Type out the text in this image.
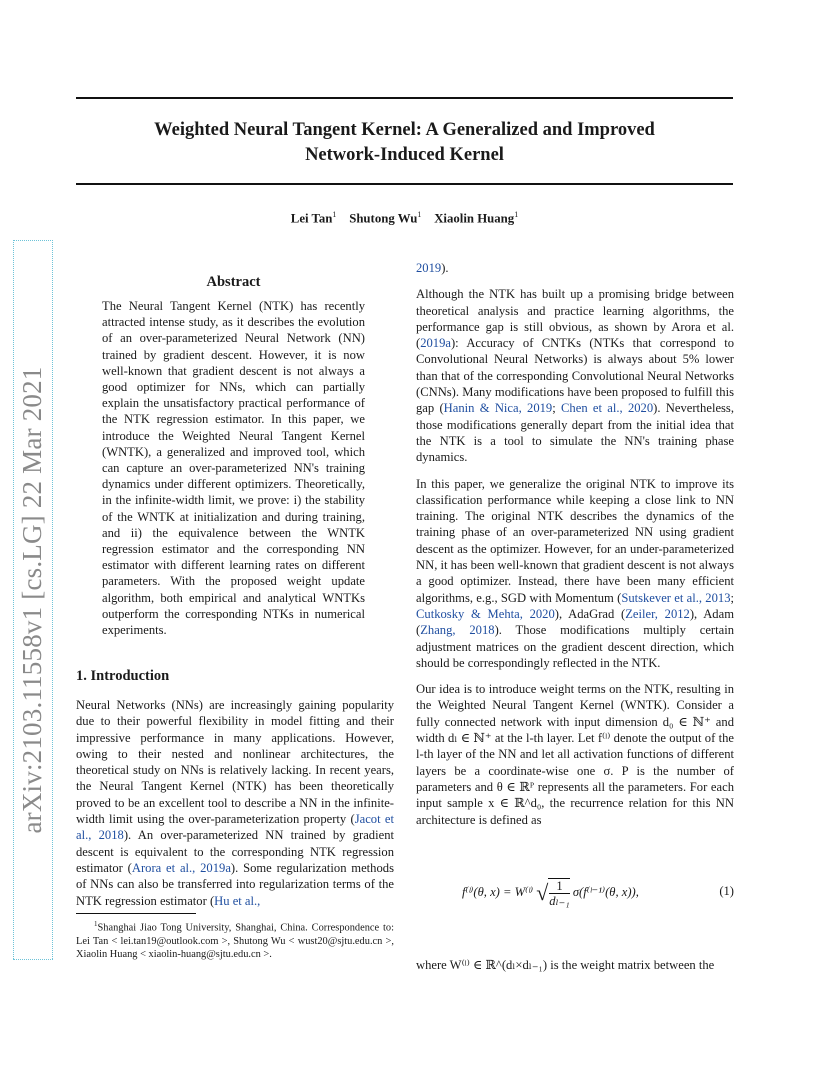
Weighted Neural Tangent Kernel: A Generalized and Improved
Network-Induced Kernel
Lei Tan$^1$ Shutong Wu$^1$ Xiaolin Huang$^1$
arXiv:2103.11558v1 [cs.LG] 22 Mar 2021
Abstract
The Neural Tangent Kernel (NTK) has recently attracted intense study, as it describes the evolution of an over-parameterized Neural Network (NN) trained by gradient descent. However, it is now well-known that gradient descent is not always a good optimizer for NNs, which can partially explain the unsatisfactory practical performance of the NTK regression estimator. In this paper, we introduce the Weighted Neural Tangent Kernel (WNTK), a generalized and improved tool, which can capture an over-parameterized NN's training dynamics under different optimizers. Theoretically, in the infinite-width limit, we prove: i) the stability of the WNTK at initialization and during training, and ii) the equivalence between the WNTK regression estimator and the corresponding NN estimator with different learning rates on different parameters. With the proposed weight update algorithm, both empirical and analytical WNTKs outperform the corresponding NTKs in numerical experiments.
1. Introduction

Neural Networks (NNs) are increasingly gaining popularity due to their powerful flexibility in model fitting and their impressive performance in many applications. However, owing to their nested and nonlinear architectures, the theoretical study on NNs is relatively lacking. In recent years, the Neural Tangent Kernel (NTK) has been theoretically proved to be an excellent tool to describe a NN in the infinite-width limit using the over-parameterization property (Jacot et al., 2018). An over-parameterized NN trained by gradient descent is equivalent to the corresponding NTK regression estimator (Arora et al., 2019a). Some regularization methods of NNs can also be transferred into regularization terms of the NTK regression estimator (Hu et al.,

$^1$Shanghai Jiao Tong University, Shanghai, China. Correspondence to: Lei Tan < lei.tan19@outlook.com >, Shutong Wu < wust20@sjtu.edu.cn >, Xiaolin Huang < xiaolin-huang@sjtu.edu.cn >.

2019).

Although the NTK has built up a promising bridge between theoretical analysis and practice learning algorithms, the performance gap is still obvious, as shown by Arora et al. (2019a): Accuracy of CNTKs (NTKs that correspond to Convolutional Neural Networks) is always about 5% lower than that of the corresponding Convolutional Neural Networks (CNNs). Many modifications have been proposed to fulfill this gap (Hanin & Nica, 2019; Chen et al., 2020). Nevertheless, those modifications generally depart from the initial idea that the NTK is a tool to simulate the NN's training phase dynamics.

In this paper, we generalize the original NTK to improve its classification performance while keeping a close link to NN training. The original NTK describes the dynamics of the training phase of an over-parameterized NN using gradient descent as the optimizer. However, for an under-parameterized NN, it has been well-known that gradient descent is not always a good optimizer. Instead, there have been many efficient algorithms, e.g., SGD with Momentum (Sutskever et al., 2013; Cutkosky & Mehta, 2020), AdaGrad (Zeiler, 2012), Adam (Zhang, 2018). Those modifications multiply certain adjustment matrices on the gradient descent direction, which should be correspondingly reflected in the NTK.

Our idea is to introduce weight terms on the NTK, resulting in the Weighted Neural Tangent Kernel (WNTK). Consider a fully connected network with input dimension d₀ ∈ ℕ⁺ and width dₗ ∈ ℕ⁺ at the l-th layer. Let f⁽ˡ⁾ denote the output of the l-th layer of the NN and let all activation functions of different layers be a coordinate-wise one σ. P is the number of parameters and θ ∈ ℝᴾ represents all the parameters. For each input sample x ∈ ℝ^d₀, the recurrence relation for this NN architecture is defined as

f⁽ˡ⁾(θ, x) = W⁽ˡ⁾ √ $\frac{1}{\text{dₗ₋₁}}$ σ(f⁽ˡ⁻¹⁾(θ, x)),	(1)
where W⁽ˡ⁾ ∈ ℝ^(dₗ×dₗ₋₁) is the weight matrix between the
